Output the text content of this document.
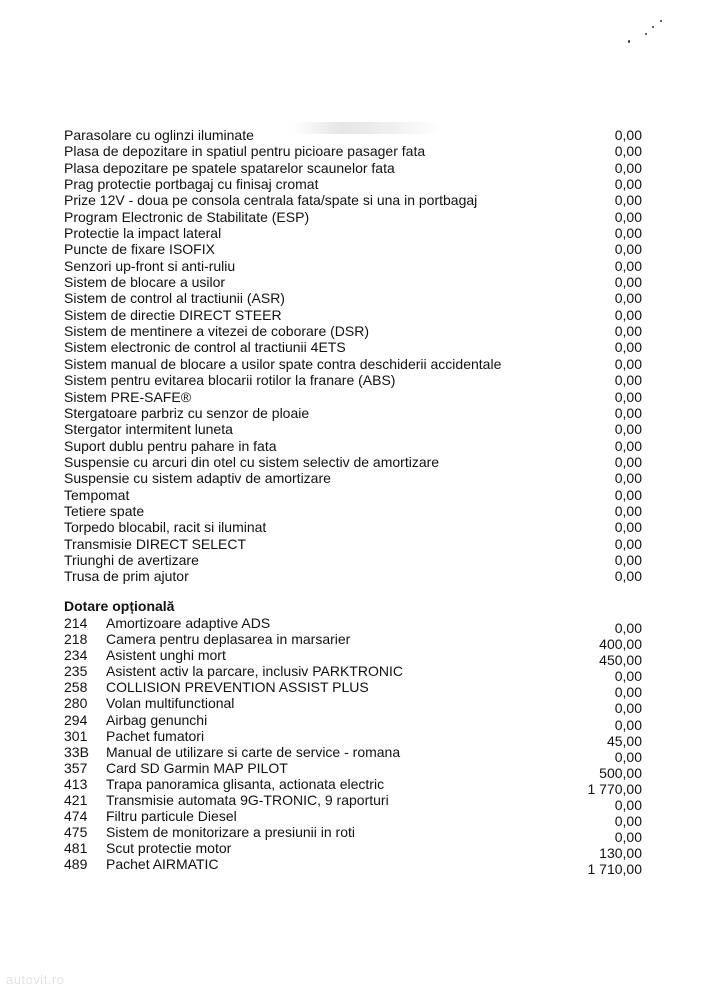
Parasolare cu oglinzi iluminate	0,00
Plasa de depozitare in spatiul pentru picioare pasager fata	0,00
Plasa depozitare pe spatele spatarelor scaunelor fata	0,00
Prag protectie portbagaj cu finisaj cromat	0,00
Prize 12V - doua pe consola centrala fata/spate si una in portbagaj	0,00
Program Electronic de Stabilitate (ESP)	0,00
Protectie la impact lateral	0,00
Puncte de fixare ISOFIX	0,00
Senzori up-front si anti-ruliu	0,00
Sistem de blocare a usilor	0,00
Sistem de control al tractiunii (ASR)	0,00
Sistem de directie DIRECT STEER	0,00
Sistem de mentinere a vitezei de coborare (DSR)	0,00
Sistem electronic de control al tractiunii 4ETS	0,00
Sistem manual de blocare a usilor spate contra deschiderii accidentale	0,00
Sistem pentru evitarea blocarii rotilor la franare (ABS)	0,00
Sistem PRE-SAFE®	0,00
Stergatoare parbriz cu senzor de ploaie	0,00
Stergator intermitent luneta	0,00
Suport dublu pentru pahare in fata	0,00
Suspensie cu arcuri din otel cu sistem selectiv de amortizare	0,00
Suspensie cu sistem adaptiv de amortizare	0,00
Tempomat	0,00
Tetiere spate	0,00
Torpedo blocabil, racit si iluminat	0,00
Transmisie DIRECT SELECT	0,00
Triunghi de avertizare	0,00
Trusa de prim ajutor	0,00
Dotare opțională
214 Amortizoare adaptive ADS	0,00
218 Camera pentru deplasarea in marsarier	400,00
234 Asistent unghi mort	450,00
235 Asistent activ la parcare, inclusiv PARKTRONIC	0,00
258 COLLISION PREVENTION ASSIST PLUS	0,00
280 Volan multifunctional	0,00
294 Airbag genunchi	0,00
301 Pachet fumatori	45,00
33B Manual de utilizare si carte de service - romana	0,00
357 Card SD Garmin MAP PILOT	500,00
413 Trapa panoramica glisanta, actionata electric	1 770,00
421 Transmisie automata 9G-TRONIC, 9 raporturi	0,00
474 Filtru particule Diesel	0,00
475 Sistem de monitorizare a presiunii in roti	0,00
481 Scut protectie motor	130,00
489 Pachet AIRMATIC	1 710,00
autovit.ro
